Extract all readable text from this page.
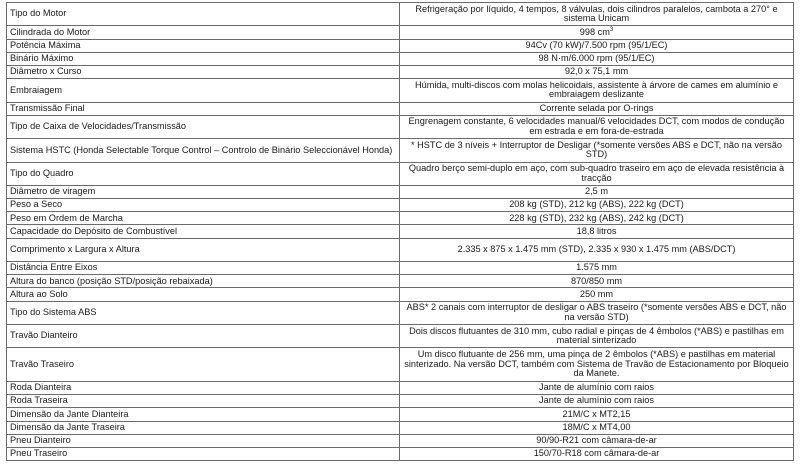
Tipo do Motor	Refrigeração por líquido, 4 tempos, 8 válvulas, dois cilindros paralelos, cambota a 270° e sistema Unicam
Cilindrada do Motor	998 $cm^3$
Potência Máxima	94Cv (70 kW)/7.500 rpm (95/1/EC)
Binário Máximo	98 N·m/6.000 rpm (95/1/EC)
Diâmetro x Curso	92,0 x 75,1 mm
Embraiagem	Húmida, multi-discos com molas helicoidais, assistente à árvore de cames em alumínio e embraiagem deslizante
Transmissão Final	Corrente selada por O-rings
Tipo de Caixa de Velocidades/Transmissão	Engrenagem constante, 6 velocidades manual/6 velocidades DCT, com modos de condução em estrada e em fora-de-estrada
Sistema HSTC (Honda Selectable Torque Control – Controlo de Binário Seleccionável Honda)	* HSTC de 3 níveis + Interruptor de Desligar (*somente versões ABS e DCT, não na versão STD)
Tipo do Quadro	Quadro berço semi-duplo em aço, com sub-quadro traseiro em aço de elevada resistência à tracção
Diâmetro de viragem	2,5 m
Peso a Seco	208 kg (STD), 212 kg (ABS), 222 kg (DCT)
Peso em Ordem de Marcha	228 kg (STD), 232 kg (ABS), 242 kg (DCT)
Capacidade do Depósito de Combustível	18,8 litros
Comprimento x Largura x Altura	2.335 x 875 x 1.475 mm (STD), 2.335 x 930 x 1.475 mm (ABS/DCT)
Distância Entre Eixos	1.575 mm
Altura do banco (posição STD/posição rebaixada)	870/850 mm
Altura ao Solo	250 mm
Tipo do Sistema ABS	ABS* 2 canais com interruptor de desligar o ABS traseiro (*somente versões ABS e DCT, não na versão STD)
Travão Dianteiro	Dois discos flutuantes de 310 mm, cubo radial e pinças de 4 êmbolos (*ABS) e pastilhas em material sinterizado
Travão Traseiro	Um disco flutuante de 256 mm, uma pinça de 2 êmbolos (*ABS) e pastilhas em material sinterizado. Na versão DCT, também com Sistema de Travão de Estacionamento por Bloqueio da Manete.
Roda Dianteira	Jante de alumínio com raios
Roda Traseira	Jante de alumínio com raios
Dimensão da Jante Dianteira	21M/C x MT2,15
Dimensão da Jante Traseira	18M/C x MT4,00
Pneu Dianteiro	90/90-R21 com câmara-de-ar
Pneu Traseiro	150/70-R18 com câmara-de-ar
